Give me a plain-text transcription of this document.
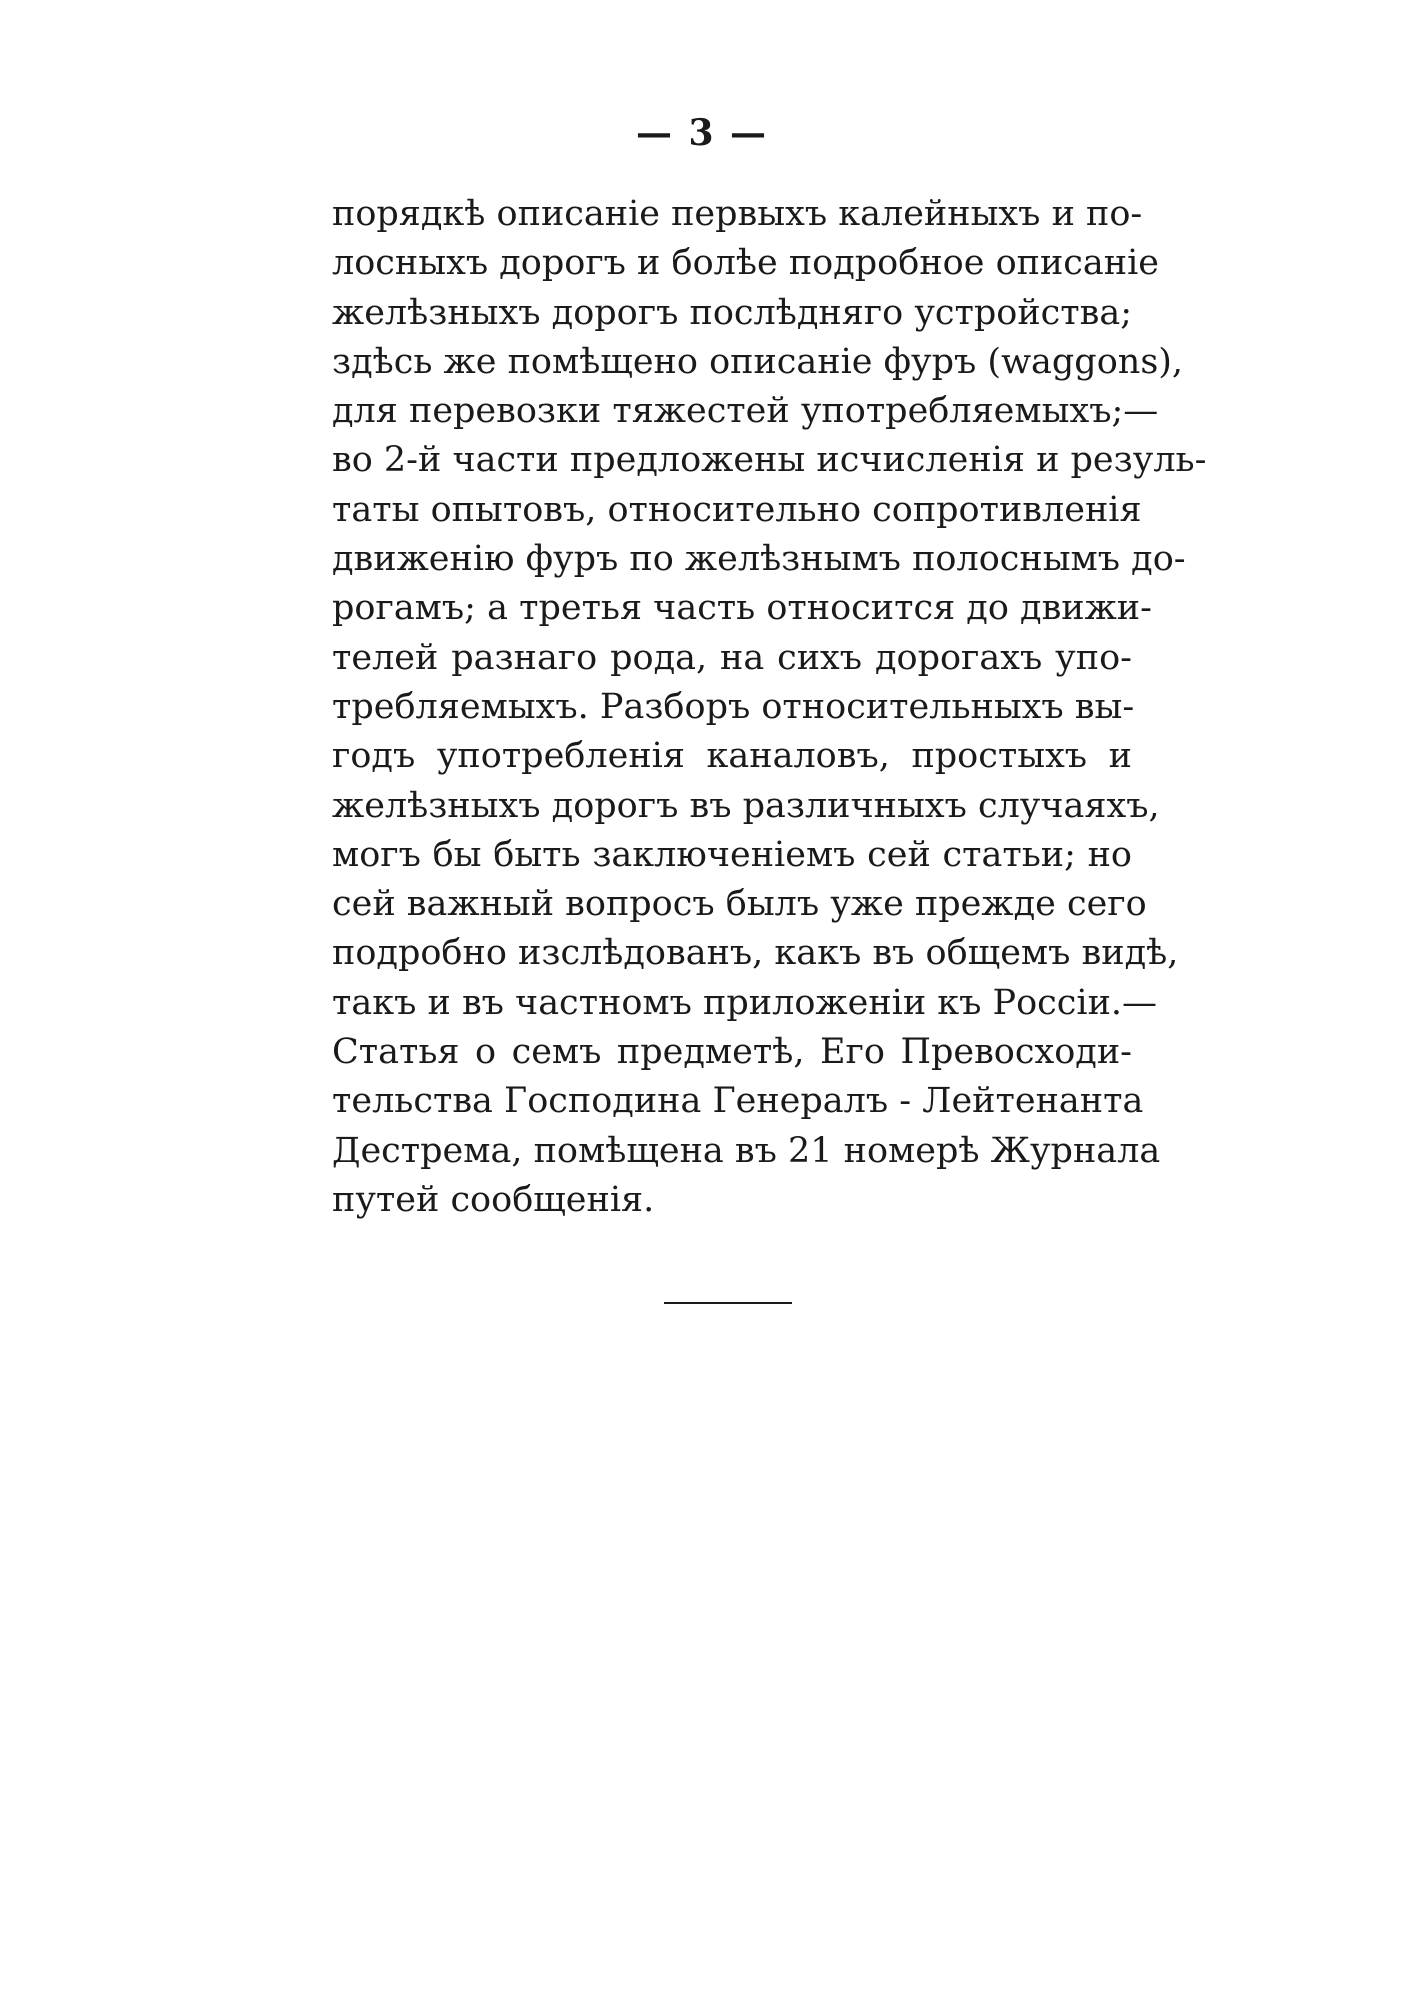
— 3 —
порядкѣ описаніе первыхъ калейныхъ и по-
лосныхъ дорогъ и болѣе подробное описаніе
желѣзныхъ дорогъ послѣдняго устройства;
здѣсь же помѣщено описаніе фуръ (waggons),
для перевозки тяжестей употребляемыхъ;—
во 2-й части предложены исчисленія и резуль-
таты опытовъ, относительно сопротивленія
движенію фуръ по желѣзнымъ полоснымъ до-
рогамъ; а третья часть относится до движи-
телей разнаго рода, на сихъ дорогахъ упо-
требляемыхъ. Разборъ относительныхъ вы-
годъ употребленія каналовъ, простыхъ и
желѣзныхъ дорогъ въ различныхъ случаяхъ,
могъ бы быть заключеніемъ сей статьи; но
сей важный вопросъ былъ уже прежде сего
подробно изслѣдованъ, какъ въ общемъ видѣ,
такъ и въ частномъ приложеніи къ Россіи.—
Статья о семъ предметѣ, Его Превосходи-
тельства Господина Генералъ - Лейтенанта
Дестрема, помѣщена въ 21 номерѣ Журнала
путей сообщенія.
